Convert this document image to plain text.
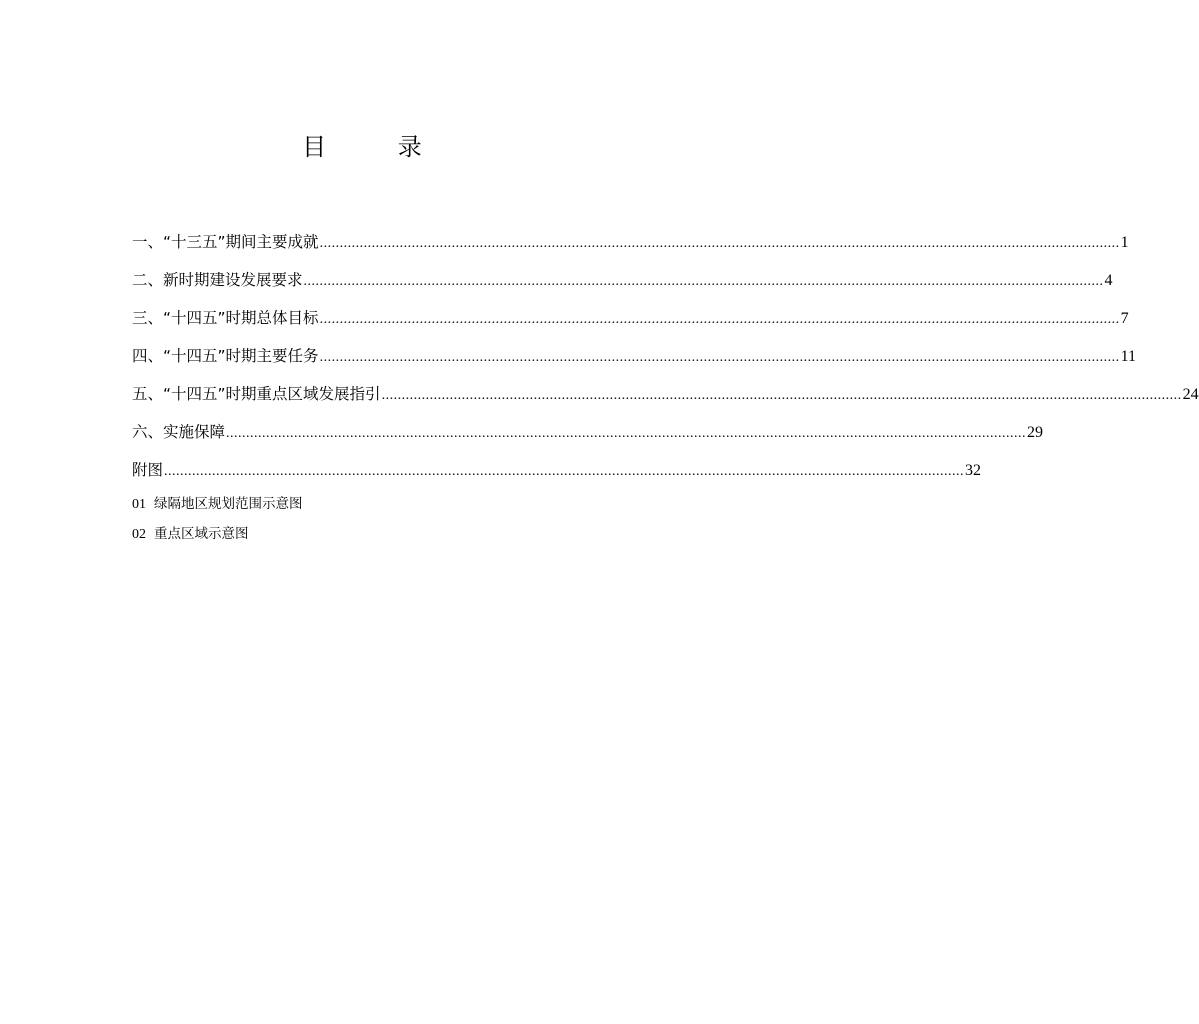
目 录
一、“十三五”期间主要成就 ........................................................................................................................................................................................................ 1
二、新时期建设发展要求 ........................................................................................................................................................................................................ 4
三、“十四五”时期总体目标 ........................................................................................................................................................................................................ 7
四、“十四五”时期主要任务 ........................................................................................................................................................................................................ 11
五、“十四五”时期重点区域发展指引 ........................................................................................................................................................................................................ 24
六、实施保障 ........................................................................................................................................................................................................ 29
附图 ........................................................................................................................................................................................................ 32
01 绿隔地区规划范围示意图
02 重点区域示意图
